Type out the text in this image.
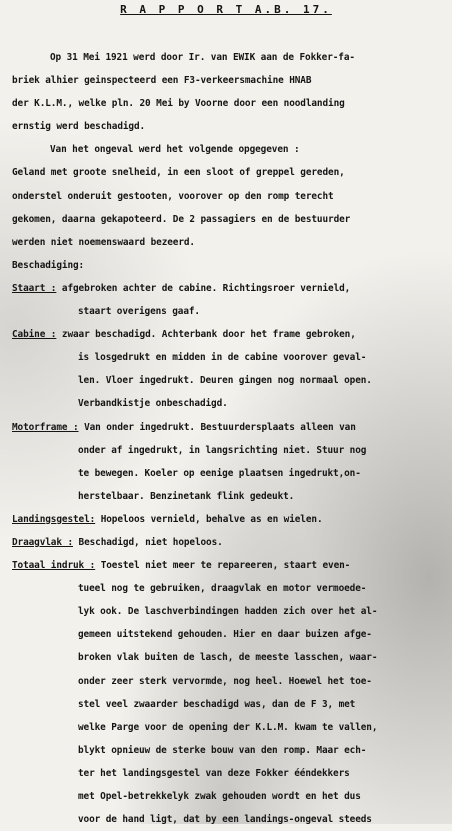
R A P P O R T A.B. 17.
Op 31 Mei 1921 werd door Ir. van EWIK aan de Fokker-fa-
briek alhier geinspecteerd een F3-verkeersmachine HNAB
der K.L.M., welke pln. 20 Mei by Voorne door een noodlanding
ernstig werd beschadigd.
Van het ongeval werd het volgende opgegeven :
Geland met groote snelheid, in een sloot of greppel gereden,
onderstel onderuit gestooten, voorover op den romp terecht
gekomen, daarna gekapoteerd. De 2 passagiers en de bestuurder
werden niet noemenswaard bezeerd.
Beschadiging:
Staart : afgebroken achter de cabine. Richtingsroer vernield,
staart overigens gaaf.
Cabine : zwaar beschadigd. Achterbank door het frame gebroken,
is losgedrukt en midden in de cabine voorover geval-
len. Vloer ingedrukt. Deuren gingen nog normaal open.
Verbandkistje onbeschadigd.
Motorframe : Van onder ingedrukt. Bestuurdersplaats alleen van
onder af ingedrukt, in langsrichting niet. Stuur nog
te bewegen. Koeler op eenige plaatsen ingedrukt,on-
herstelbaar. Benzinetank flink gedeukt.
Landingsgestel: Hopeloos vernield, behalve as en wielen.
Draagvlak : Beschadigd, niet hopeloos.
Totaal indruk : Toestel niet meer te repareeren, staart even-
tueel nog te gebruiken, draagvlak en motor vermoede-
lyk ook. De laschverbindingen hadden zich over het al-
gemeen uitstekend gehouden. Hier en daar buizen afge-
broken vlak buiten de lasch, de meeste lasschen, waar-
onder zeer sterk vervormde, nog heel. Hoewel het toe-
stel veel zwaarder beschadigd was, dan de F 3, met
welke Parge voor de opening der K.L.M. kwam te vallen,
blykt opnieuw de sterke bouw van den romp. Maar ech-
ter het landingsgestel van deze Fokker ééndekkers
met Opel-betrekkelyk zwak gehouden wordt en het dus
voor de hand ligt, dat by een landings-ongeval steeds
